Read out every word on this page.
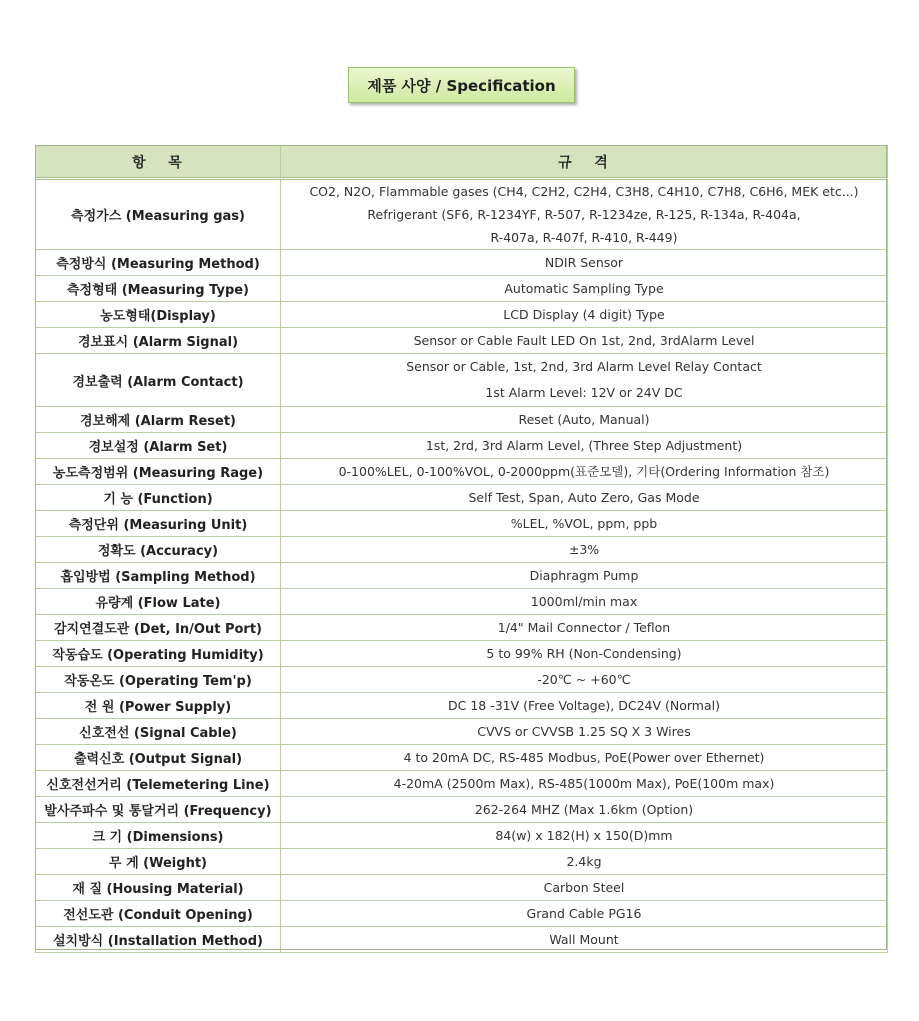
제품 사양 / Specification
항   목	규   격
측정가스 (Measuring gas)	CO2, N2O, Flammable gases (CH4, C2H2, C2H4, C3H8, C4H10, C7H8, C6H6, MEK etc...)
Refrigerant (SF6, R-1234YF, R-507, R-1234ze, R-125, R-134a, R-404a,
R-407a, R-407f, R-410, R-449)

측정방식 (Measuring Method)	NDIR Sensor

측정형태 (Measuring Type)	Automatic Sampling Type

농도형태(Display)	LCD Display (4 digit) Type

경보표시 (Alarm Signal)	Sensor or Cable Fault LED On 1st, 2nd, 3rdAlarm Level

경보출력 (Alarm Contact)	Sensor or Cable, 1st, 2nd, 3rd Alarm Level Relay Contact
1st Alarm Level: 12V or 24V DC

경보해제 (Alarm Reset)	Reset (Auto, Manual)

경보설정 (Alarm Set)	1st, 2rd, 3rd Alarm Level, (Three Step Adjustment)

농도측정범위 (Measuring Rage)	0-100%LEL, 0-100%VOL, 0-2000ppm(표준모델), 기타(Ordering Information 참조)

기 능 (Function)	Self Test, Span, Auto Zero, Gas Mode

측정단위 (Measuring Unit)	%LEL, %VOL, ppm, ppb

정확도 (Accuracy)	±3%

흡입방법 (Sampling Method)	Diaphragm Pump

유량계 (Flow Late)	1000ml/min max

감지연결도관 (Det, In/Out Port)	1/4" Mail Connector / Teflon

작동습도 (Operating Humidity)	5 to 99% RH (Non-Condensing)

작동온도 (Operating Tem'p)	-20℃ ~ +60℃

전 원 (Power Supply)	DC 18 -31V (Free Voltage), DC24V (Normal)

신호전선 (Signal Cable)	CVVS or CVVSB 1.25 SQ X 3 Wires

출력신호 (Output Signal)	4 to 20mA DC, RS-485 Modbus, PoE(Power over Ethernet)

신호전선거리 (Telemetering Line)	4-20mA (2500m Max), RS-485(1000m Max), PoE(100m max)

발사주파수 및 통달거리 (Frequency)	262-264 MHZ (Max 1.6km (Option)

크 기 (Dimensions)	84(w) x 182(H) x 150(D)mm

무 게 (Weight)	2.4kg

재 질 (Housing Material)	Carbon Steel

전선도관 (Conduit Opening)	Grand Cable PG16

설치방식 (Installation Method)	Wall Mount
